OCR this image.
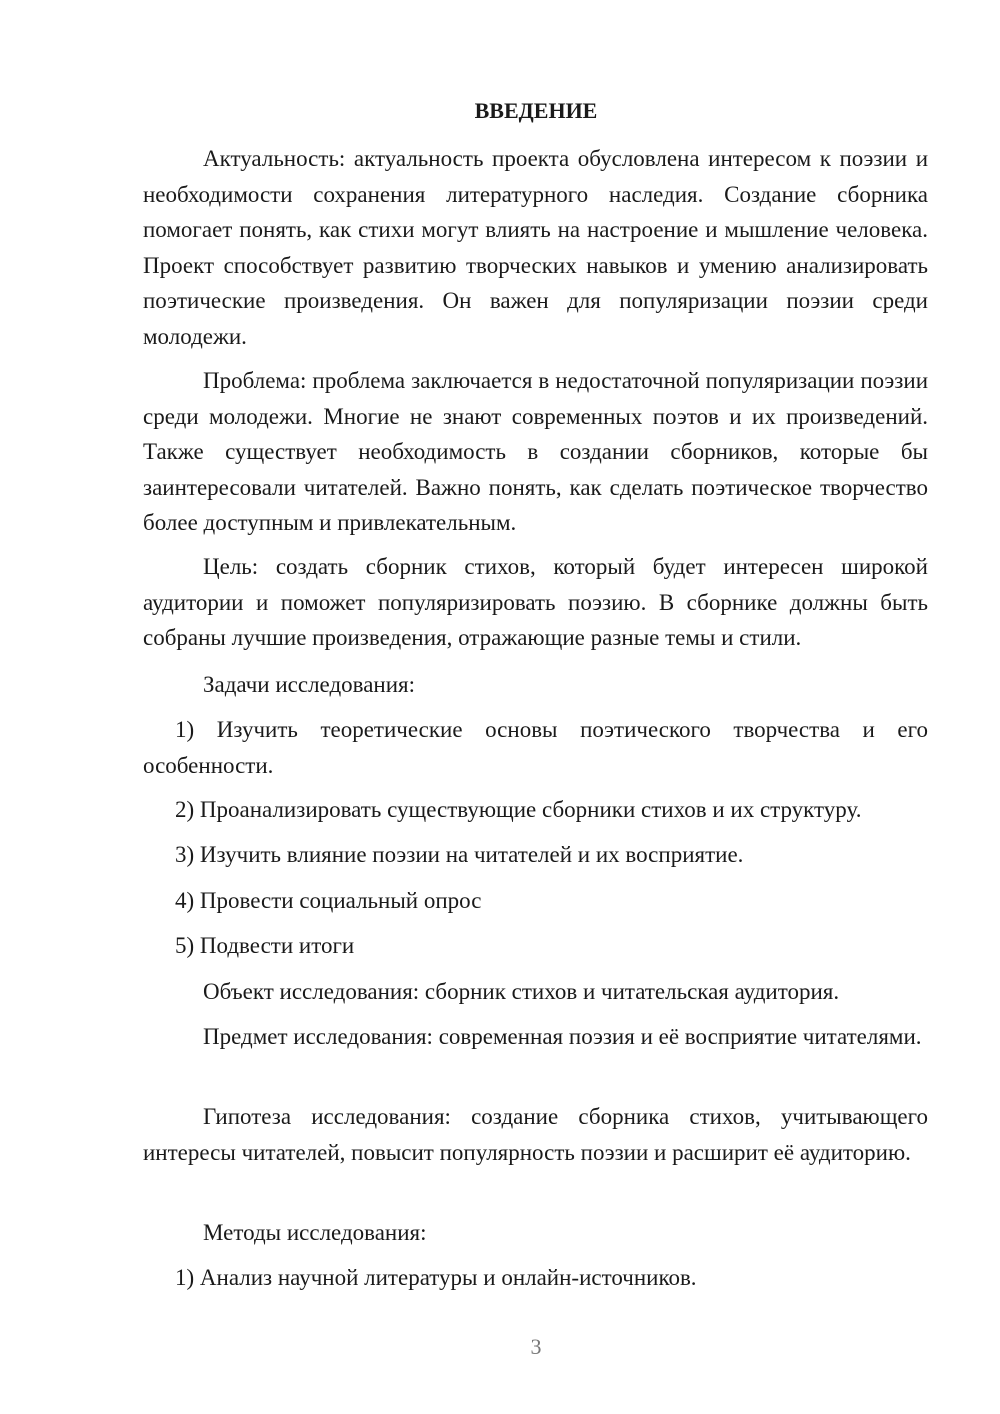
ВВЕДЕНИЕ

Актуальность: актуальность проекта обусловлена интересом к поэзии и необходимости сохранения литературного наследия. Создание сборника помогает понять, как стихи могут влиять на настроение и мышление человека. Проект способствует развитию творческих навыков и умению анализировать поэтические произведения. Он важен для популяризации поэзии среди молодежи.

Проблема: проблема заключается в недостаточной популяризации поэзии среди молодежи. Многие не знают современных поэтов и их произведений. Также существует необходимость в создании сборников, которые бы заинтересовали читателей. Важно понять, как сделать поэтическое творчество более доступным и привлекательным.

Цель: создать сборник стихов, который будет интересен широкой аудитории и поможет популяризировать поэзию. В сборнике должны быть собраны лучшие произведения, отражающие разные темы и стили.

Задачи исследования:

1) Изучить теоретические основы поэтического творчества и его особенности.

2) Проанализировать существующие сборники стихов и их структуру.

3) Изучить влияние поэзии на читателей и их восприятие.

4) Провести социальный опрос

5) Подвести итоги

Объект исследования: сборник стихов и читательская аудитория.

Предмет исследования: современная поэзия и её восприятие читателями.

Гипотеза исследования: создание сборника стихов, учитывающего интересы читателей, повысит популярность поэзии и расширит её аудиторию.

Методы исследования:

1) Анализ научной литературы и онлайн-источников.

3
